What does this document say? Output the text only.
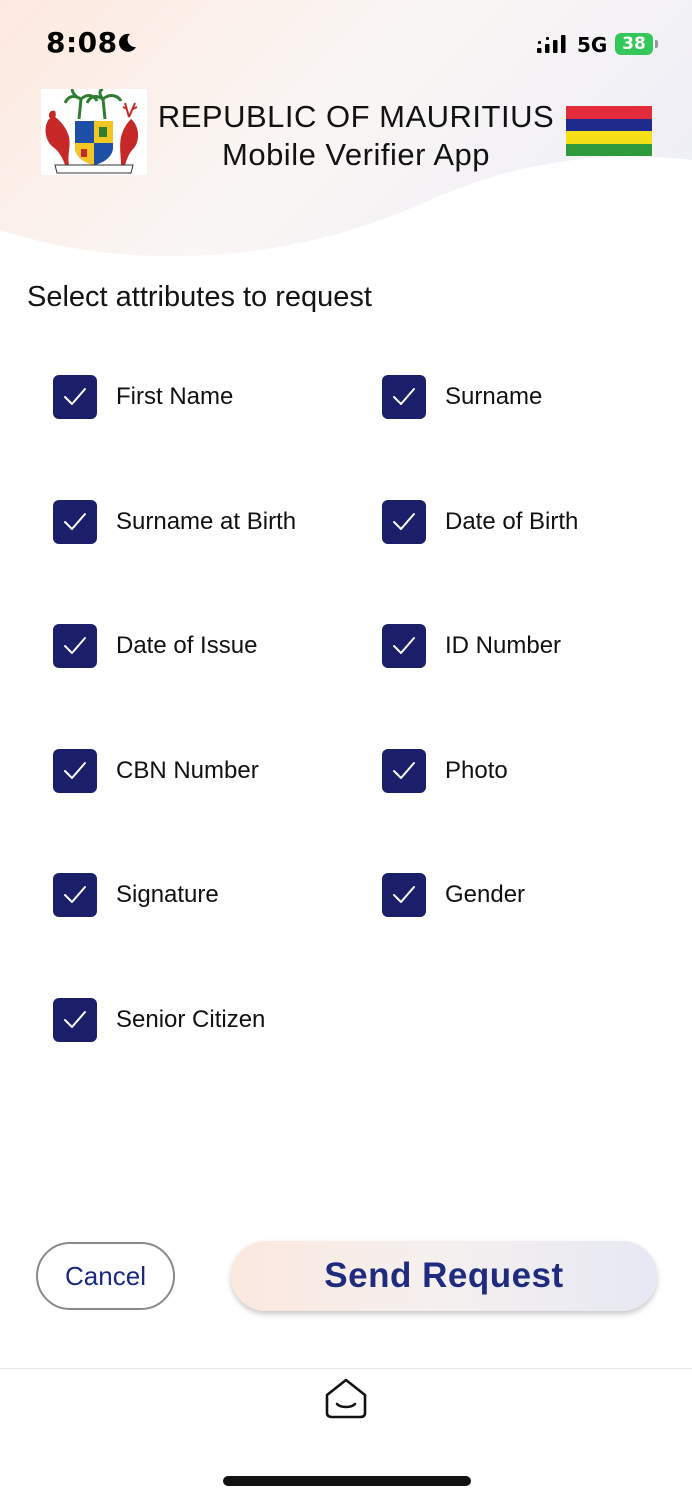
8:08	5G 38
REPUBLIC OF MAURITIUS
Mobile Verifier App
Select attributes to request
First Name	Surname
Surname at Birth	Date of Birth
Date of Issue	ID Number
CBN Number	Photo
Signature	Gender
Senior Citizen
Cancel	Send Request
